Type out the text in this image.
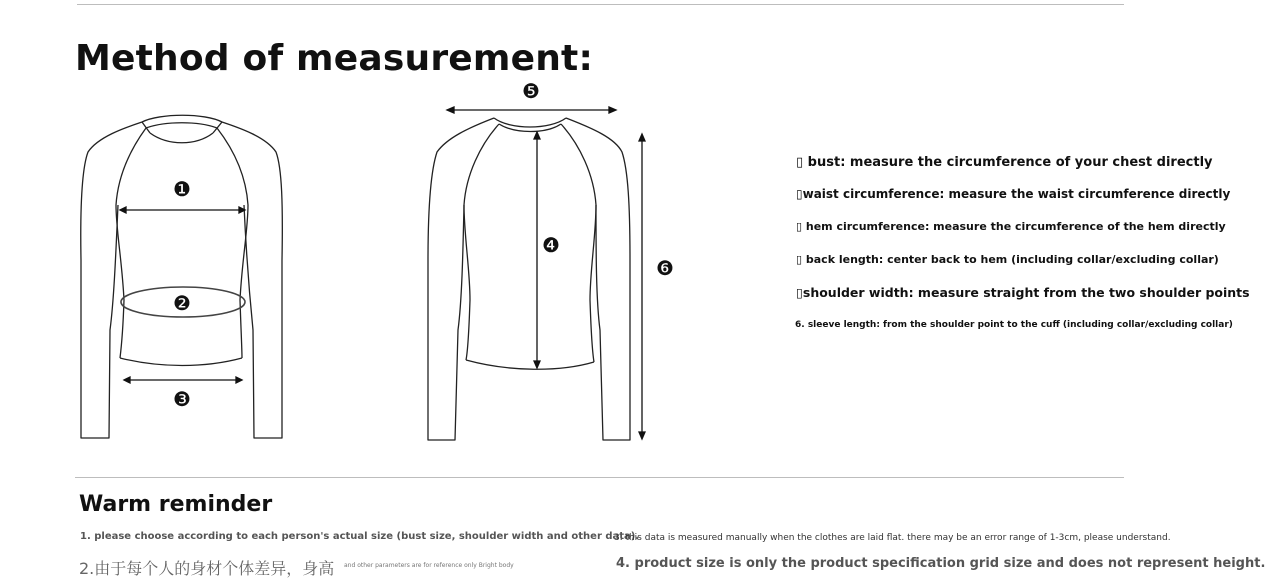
Method of measurement:
❶
❷
❸
❹
❺
❻
▯ bust: measure the circumference of your chest directly
▯waist circumference: measure the waist circumference directly
▯ hem circumference: measure the circumference of the hem directly
▯ back length: center back to hem (including collar/excluding collar)
▯shoulder width: measure straight from the two shoulder points
6. sleeve length: from the shoulder point to the cuff (including collar/excluding collar)
Warm reminder
1. please choose according to each person's actual size (bust size, shoulder width and other data).
2.由于每个人的身材个体差异，身高 and other parameters are for reference only Bright body
3. this data is measured manually when the clothes are laid flat. there may be an error range of 1-3cm, please understand.
4. product size is only the product specification grid size and does not represent height.
